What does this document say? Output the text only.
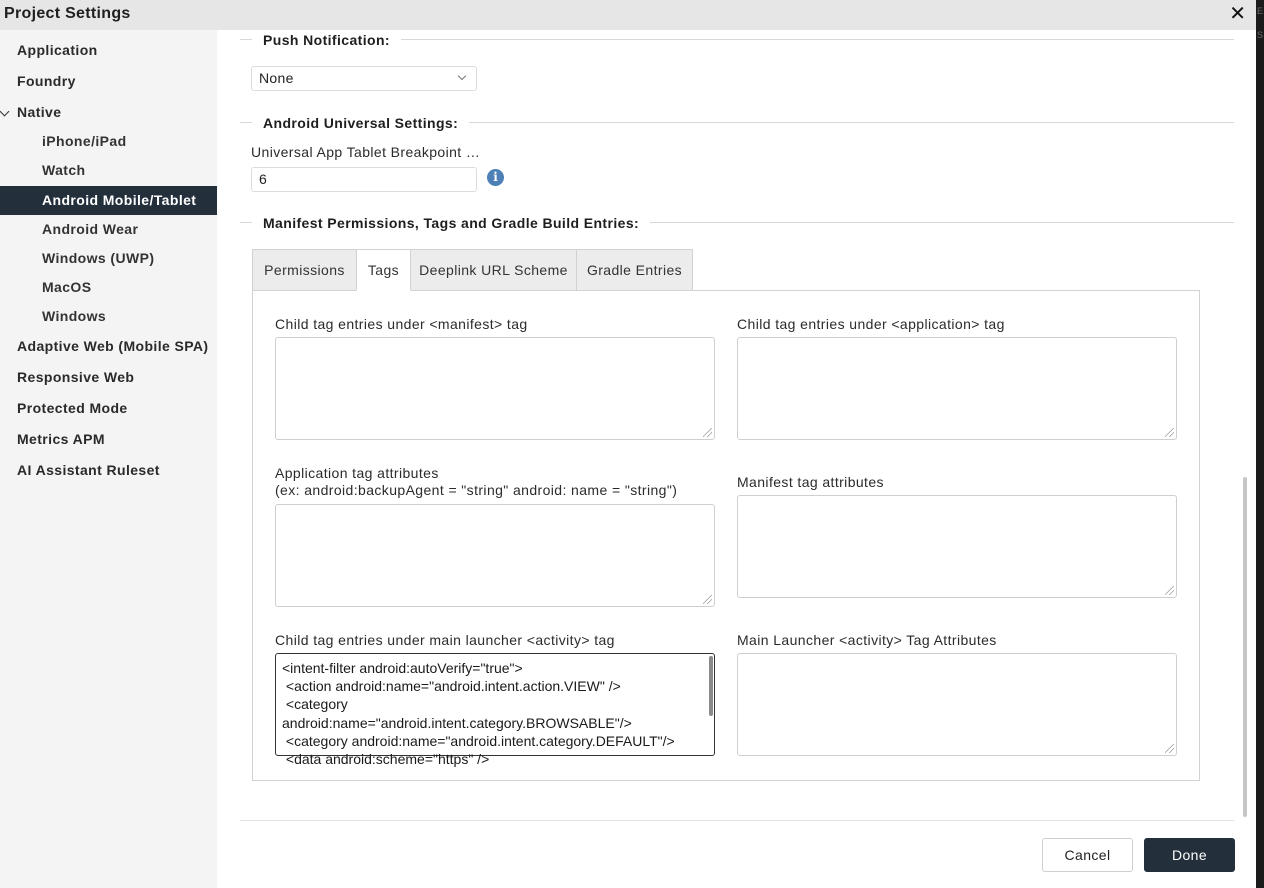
Project Settings	✕
Application
Foundry
Native
iPhone/iPad
Watch
Android Mobile/Tablet
Android Wear
Windows (UWP)
MacOS
Windows
Adaptive Web (Mobile SPA)
Responsive Web
Protected Mode
Metrics APM
AI Assistant Ruleset
Push Notification:
None
Android Universal Settings:
Universal App Tablet Breakpoint …
6	i
Manifest Permissions, Tags and Gradle Build Entries:
Permissions	Tags	Deeplink URL Scheme	Gradle Entries
Child tag entries under <manifest> tag	Child tag entries under <application> tag
Application tag attributes
(ex: android:backupAgent = "string" android: name = "string")	Manifest tag attributes
Child tag entries under main launcher <activity> tag
<intent-filter android:autoVerify="true">
<action android:name="android.intent.action.VIEW" />
<category
android:name="android.intent.category.BROWSABLE"/>
<category android:name="android.intent.category.DEFAULT"/>
<data android:scheme="https" />
Main Launcher <activity> Tag Attributes
Cancel	Done
E
S
